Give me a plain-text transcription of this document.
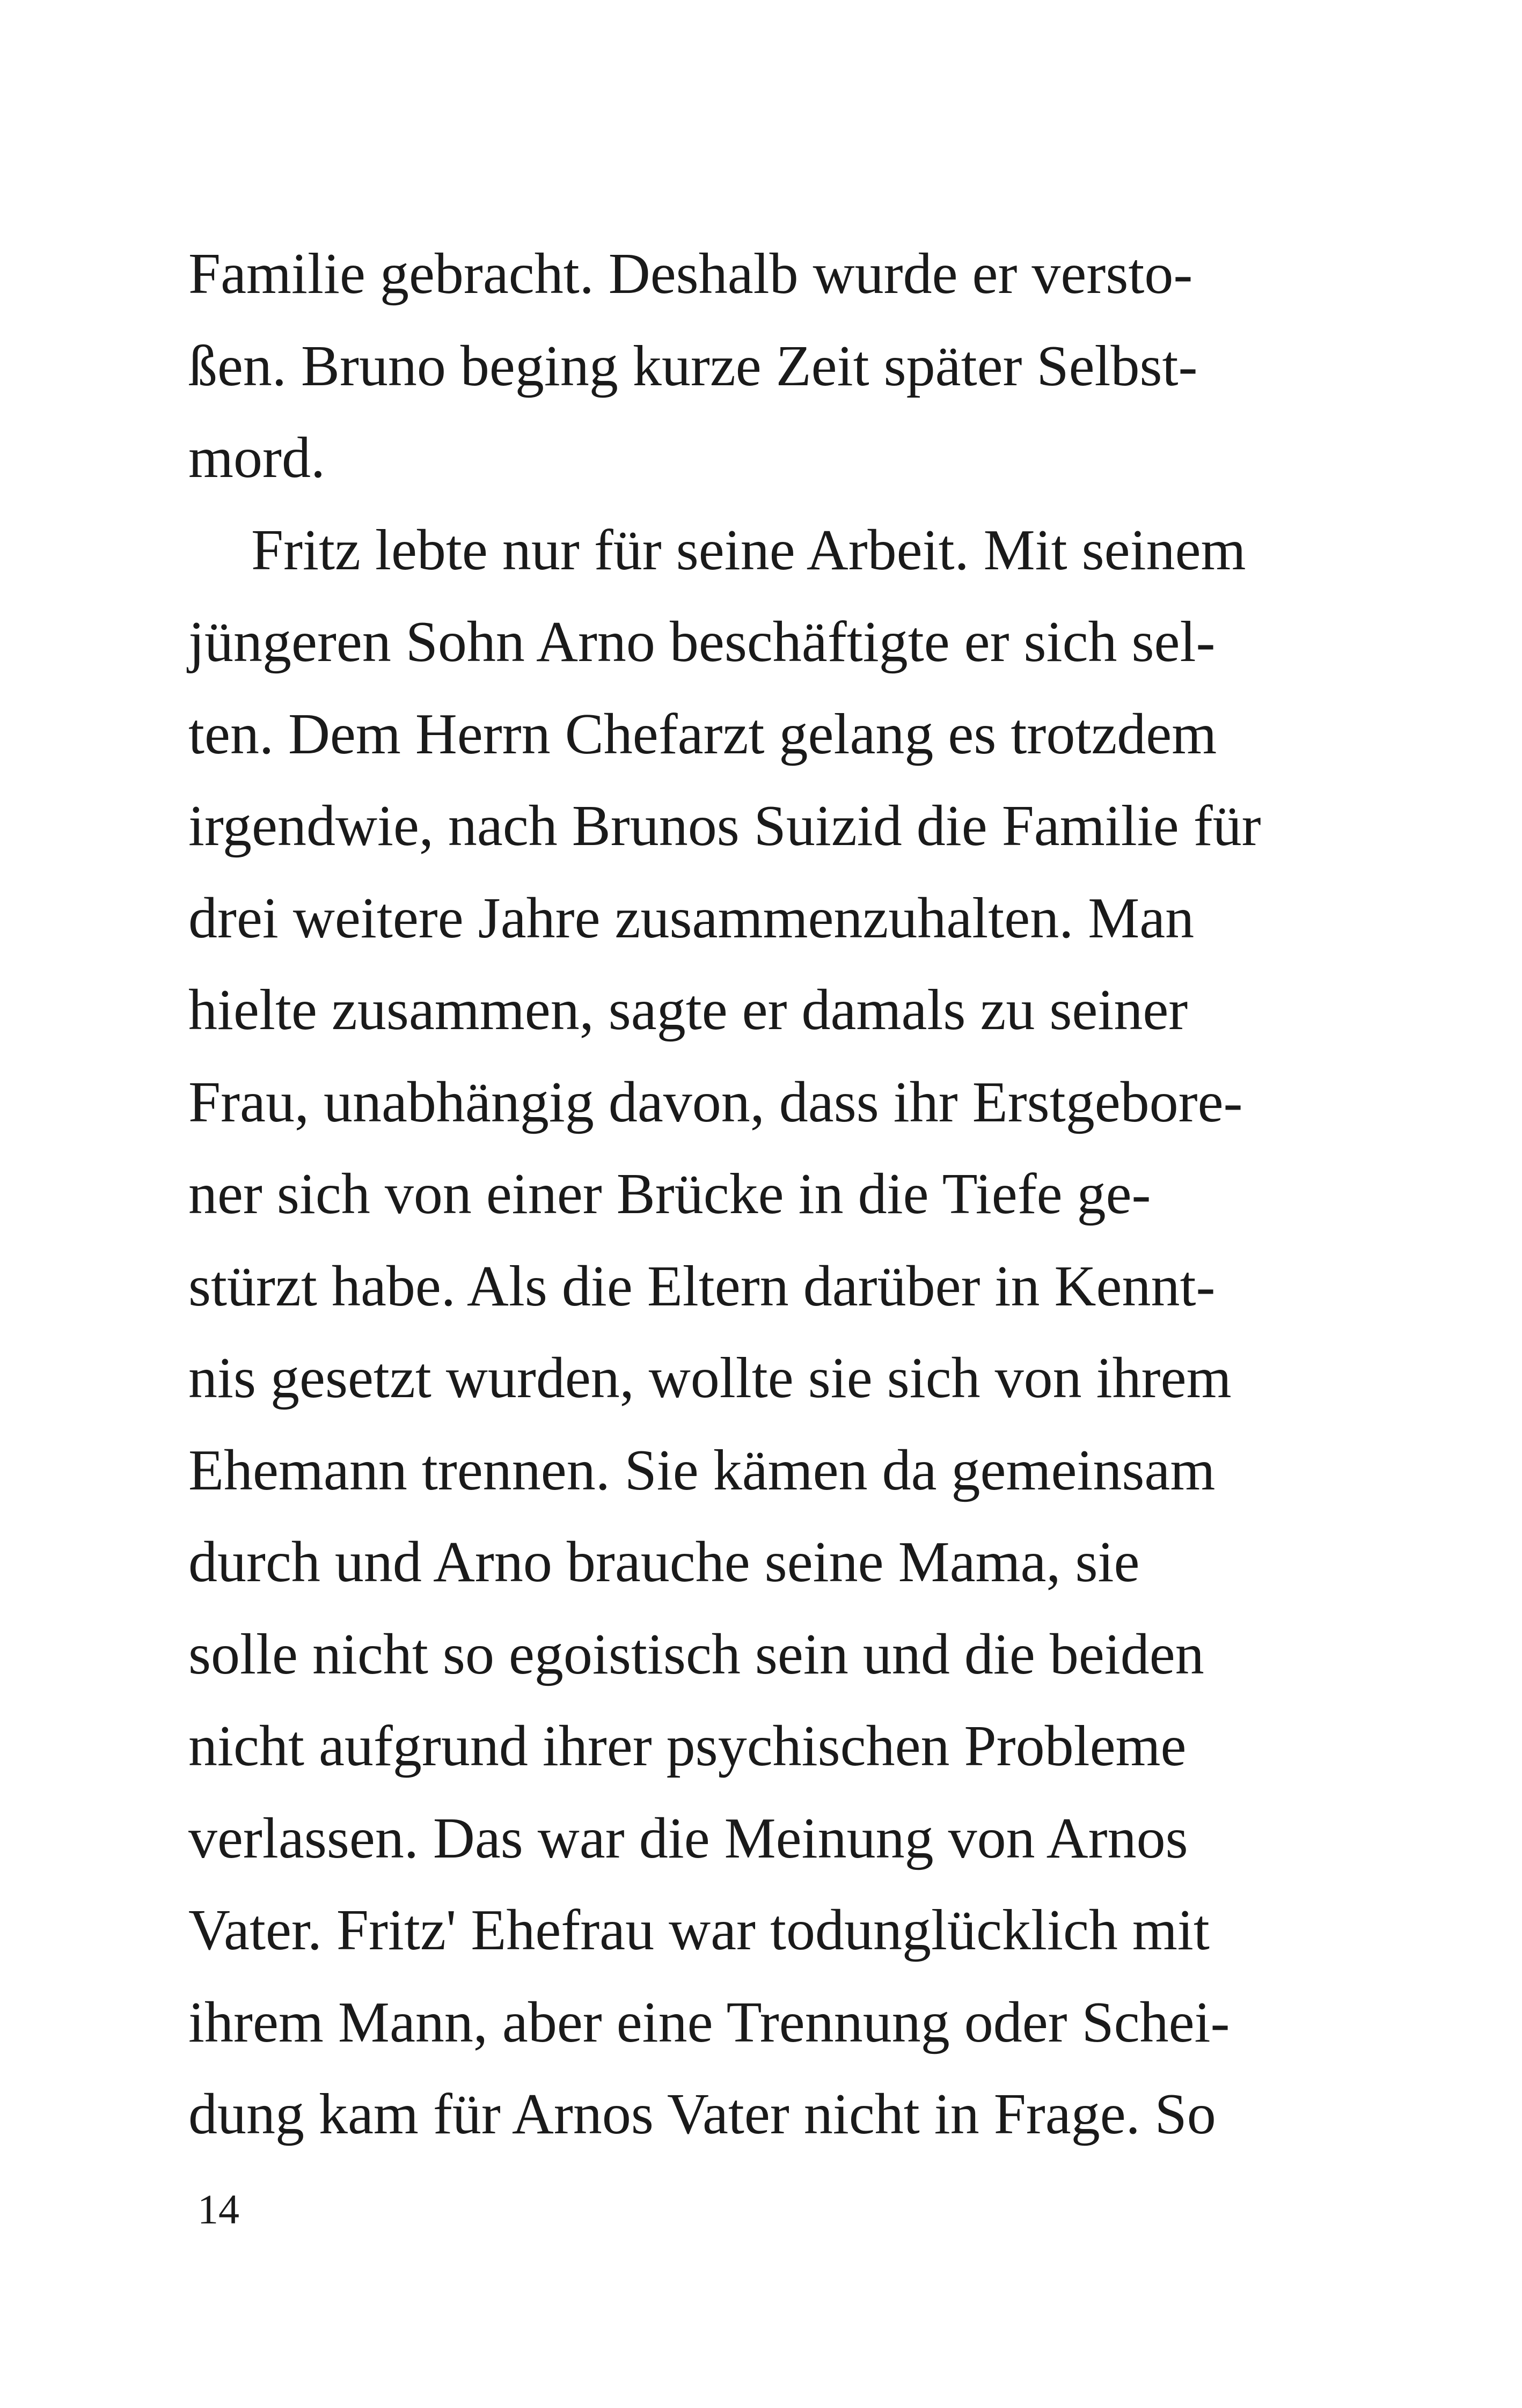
Familie gebracht. Deshalb wurde er versto-
ßen. Bruno beging kurze Zeit später Selbst-
mord.
Fritz lebte nur für seine Arbeit. Mit seinem
jüngeren Sohn Arno beschäftigte er sich sel-
ten. Dem Herrn Chefarzt gelang es trotzdem
irgendwie, nach Brunos Suizid die Familie für
drei weitere Jahre zusammenzuhalten. Man
hielte zusammen, sagte er damals zu seiner
Frau, unabhängig davon, dass ihr Erstgebore-
ner sich von einer Brücke in die Tiefe ge-
stürzt habe. Als die Eltern darüber in Kennt-
nis gesetzt wurden, wollte sie sich von ihrem
Ehemann trennen. Sie kämen da gemeinsam
durch und Arno brauche seine Mama, sie
solle nicht so egoistisch sein und die beiden
nicht aufgrund ihrer psychischen Probleme
verlassen. Das war die Meinung von Arnos
Vater. Fritz' Ehefrau war todunglücklich mit
ihrem Mann, aber eine Trennung oder Schei-
dung kam für Arnos Vater nicht in Frage. So
14
